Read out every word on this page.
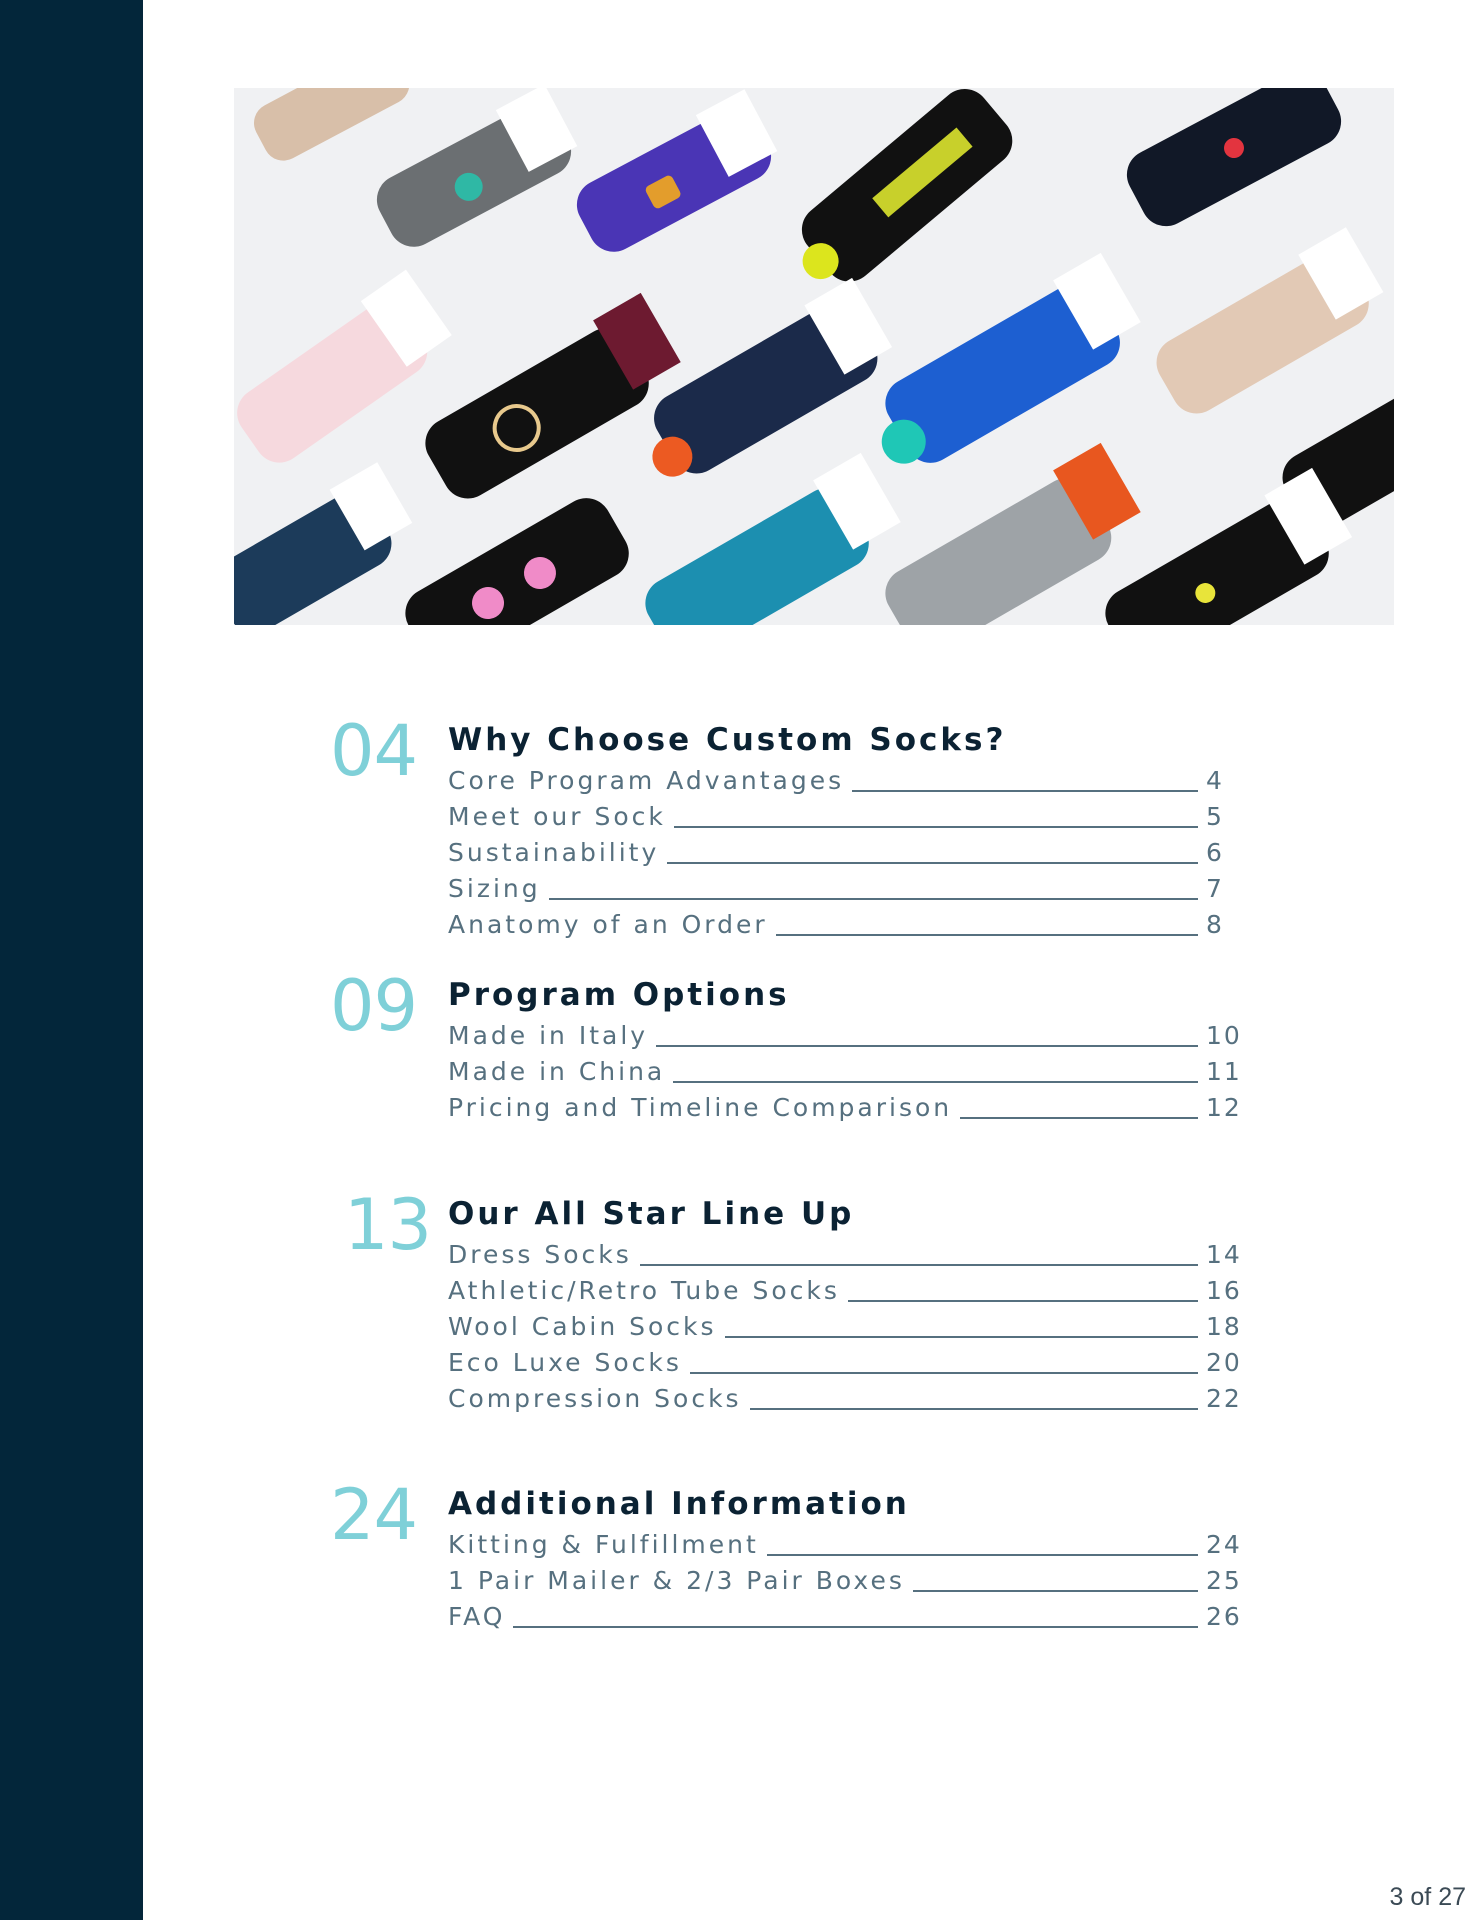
04 Why Choose Custom Socks?
Core Program Advantages	4
Meet our Sock	5
Sustainability	6
Sizing	7
Anatomy of an Order	8
09 Program Options
Made in Italy	10
Made in China	11
Pricing and Timeline Comparison	12
13 Our All Star Line Up
Dress Socks	14
Athletic/Retro Tube Socks	16
Wool Cabin Socks	18
Eco Luxe Socks	20
Compression Socks	22
24 Additional Information
Kitting & Fulfillment	24
1 Pair Mailer & 2/3 Pair Boxes	25
FAQ	26
3 of 27
